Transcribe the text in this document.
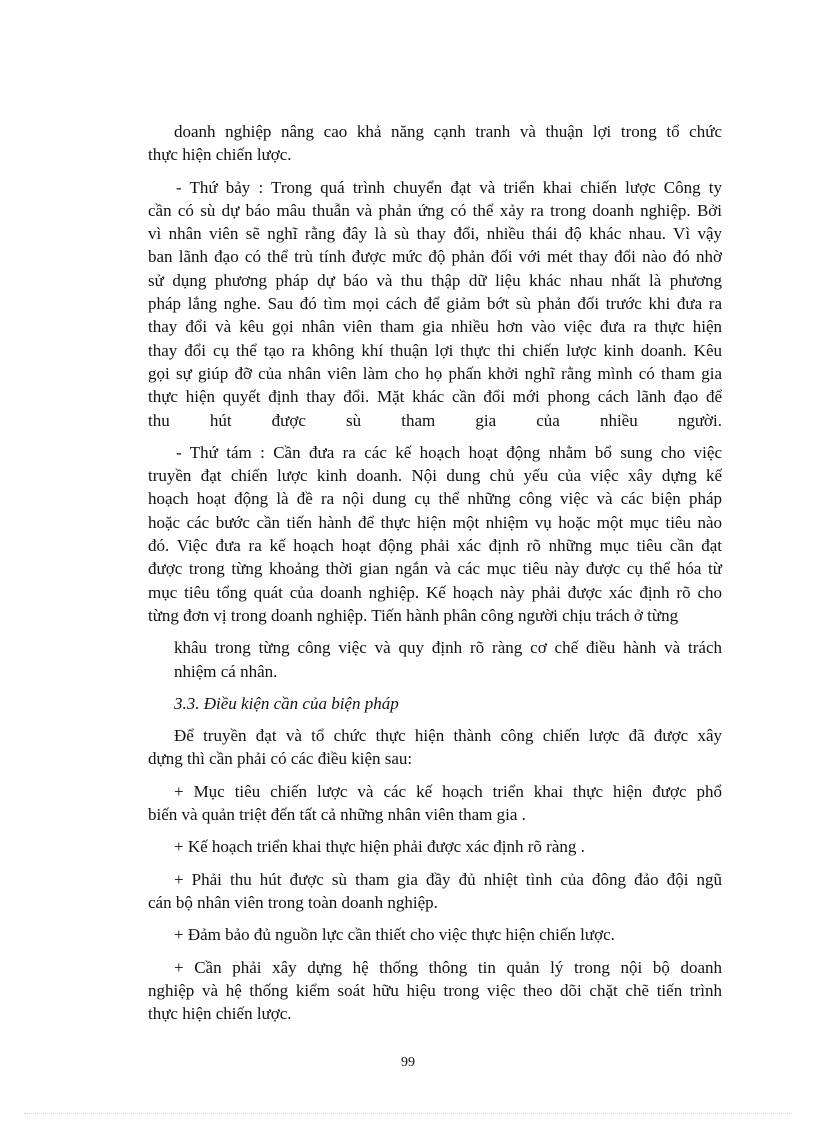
doanh nghiệp nâng cao khả năng cạnh tranh và thuận lợi trong tổ chức
thực hiện chiến lược.
- Thứ bảy : Trong quá trình chuyển đạt và triển khai chiến lược Công ty
cần có sù dự báo mâu thuẫn và phản ứng có thể xảy ra trong doanh nghiệp. Bởi
vì nhân viên sẽ nghĩ rằng đây là sù thay đổi, nhiều thái độ khác nhau. Vì vậy
ban lãnh đạo có thể trù tính được mức độ phản đối với mét thay đổi nào đó nhờ
sử dụng phương pháp dự báo và thu thập dữ liệu khác nhau nhất là phương
pháp lắng nghe. Sau đó tìm mọi cách để giảm bớt sù phản đối trước khi đưa ra
thay đổi và kêu gọi nhân viên tham gia nhiều hơn vào việc đưa ra thực hiện
thay đổi cụ thể tạo ra không khí thuận lợi thực thi chiến lược kinh doanh. Kêu
gọi sự giúp đỡ của nhân viên làm cho họ phấn khởi nghĩ rằng mình có tham gia
thực hiện quyết định thay đổi. Mặt khác cần đổi mới phong cách lãnh đạo để
thu hút được sù tham gia của nhiều người.
- Thứ tám : Cần đưa ra các kế hoạch hoạt động nhằm bổ sung cho việc
truyền đạt chiến lược kinh doanh. Nội dung chủ yếu của việc xây dựng kế
hoạch hoạt động là đề ra nội dung cụ thể những công việc và các biện pháp
hoặc các bước cần tiến hành để thực hiện một nhiệm vụ hoặc một mục tiêu nào
đó. Việc đưa ra kế hoạch hoạt động phải xác định rõ những mục tiêu cần đạt
được trong từng khoảng thời gian ngắn và các mục tiêu này được cụ thể hóa từ
mục tiêu tổng quát của doanh nghiệp. Kế hoạch này phải được xác định rõ cho
từng đơn vị trong doanh nghiệp. Tiến hành phân công người chịu trách ở từng
khâu trong từng công việc và quy định rõ ràng cơ chế điều hành và trách
nhiệm cá nhân.
3.3. Điều kiện cần của biện pháp
Để truyền đạt và tổ chức thực hiện thành công chiến lược đã được xây
dựng thì cần phải có các điều kiện sau:
+ Mục tiêu chiến lược và các kế hoạch triển khai thực hiện được phổ
biến và quản triệt đến tất cả những nhân viên tham gia .
+ Kế hoạch triển khai thực hiện phải được xác định rõ ràng .
+ Phải thu hút được sù tham gia đầy đủ nhiệt tình của đông đảo đội ngũ
cán bộ nhân viên trong toàn doanh nghiệp.
+ Đảm bảo đủ nguồn lực cần thiết cho việc thực hiện chiến lược.
+ Cần phải xây dựng hệ thống thông tin quản lý trong nội bộ doanh
nghiệp và hệ thống kiểm soát hữu hiệu trong việc theo dõi chặt chẽ tiến trình
thực hiện chiến lược.
99
